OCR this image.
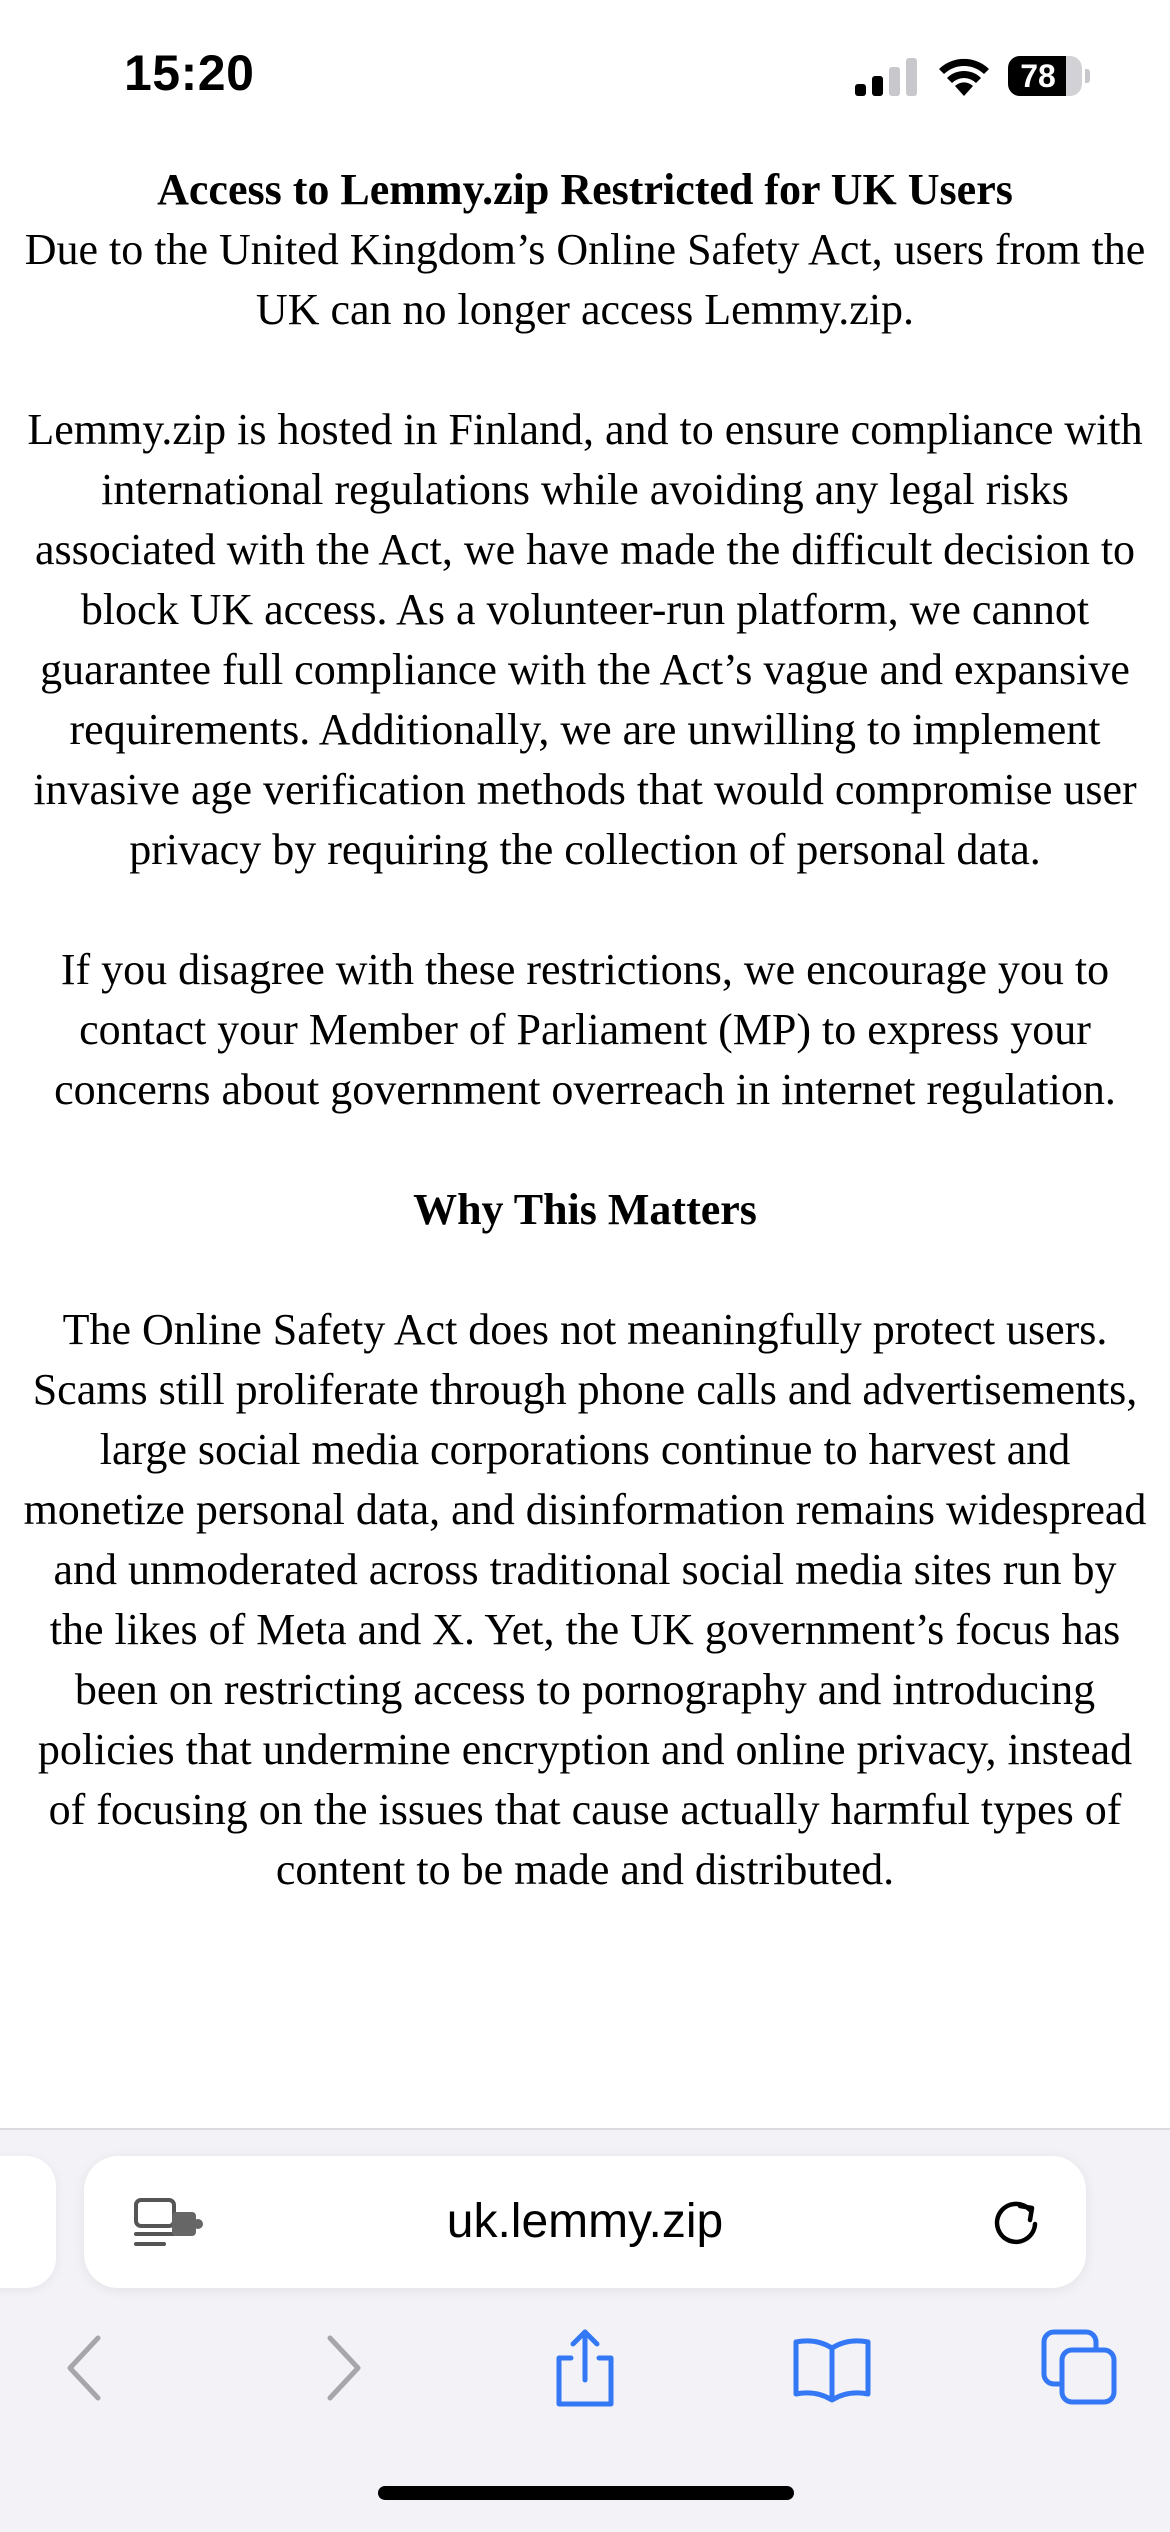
15:20	78
Access to Lemmy.zip Restricted for UK Users

Due to the United Kingdom’s Online Safety Act, users from the UK can no longer access Lemmy.zip.

Lemmy.zip is hosted in Finland, and to ensure compliance with international regulations while avoiding any legal risks associated with the Act, we have made the difficult decision to block UK access. As a volunteer-run platform, we cannot guarantee full compliance with the Act’s vague and expansive requirements. Additionally, we are unwilling to implement invasive age verification methods that would compromise user privacy by requiring the collection of personal data.

If you disagree with these restrictions, we encourage you to contact your Member of Parliament (MP) to express your concerns about government overreach in internet regulation.

Why This Matters

The Online Safety Act does not meaningfully protect users. Scams still proliferate through phone calls and advertisements, large social media corporations continue to harvest and monetize personal data, and disinformation remains widespread and unmoderated across traditional social media sites run by the likes of Meta and X. Yet, the UK government’s focus has been on restricting access to pornography and introducing policies that undermine encryption and online privacy, instead of focusing on the issues that cause actually harmful types of content to be made and distributed.

uk.lemmy.zip
